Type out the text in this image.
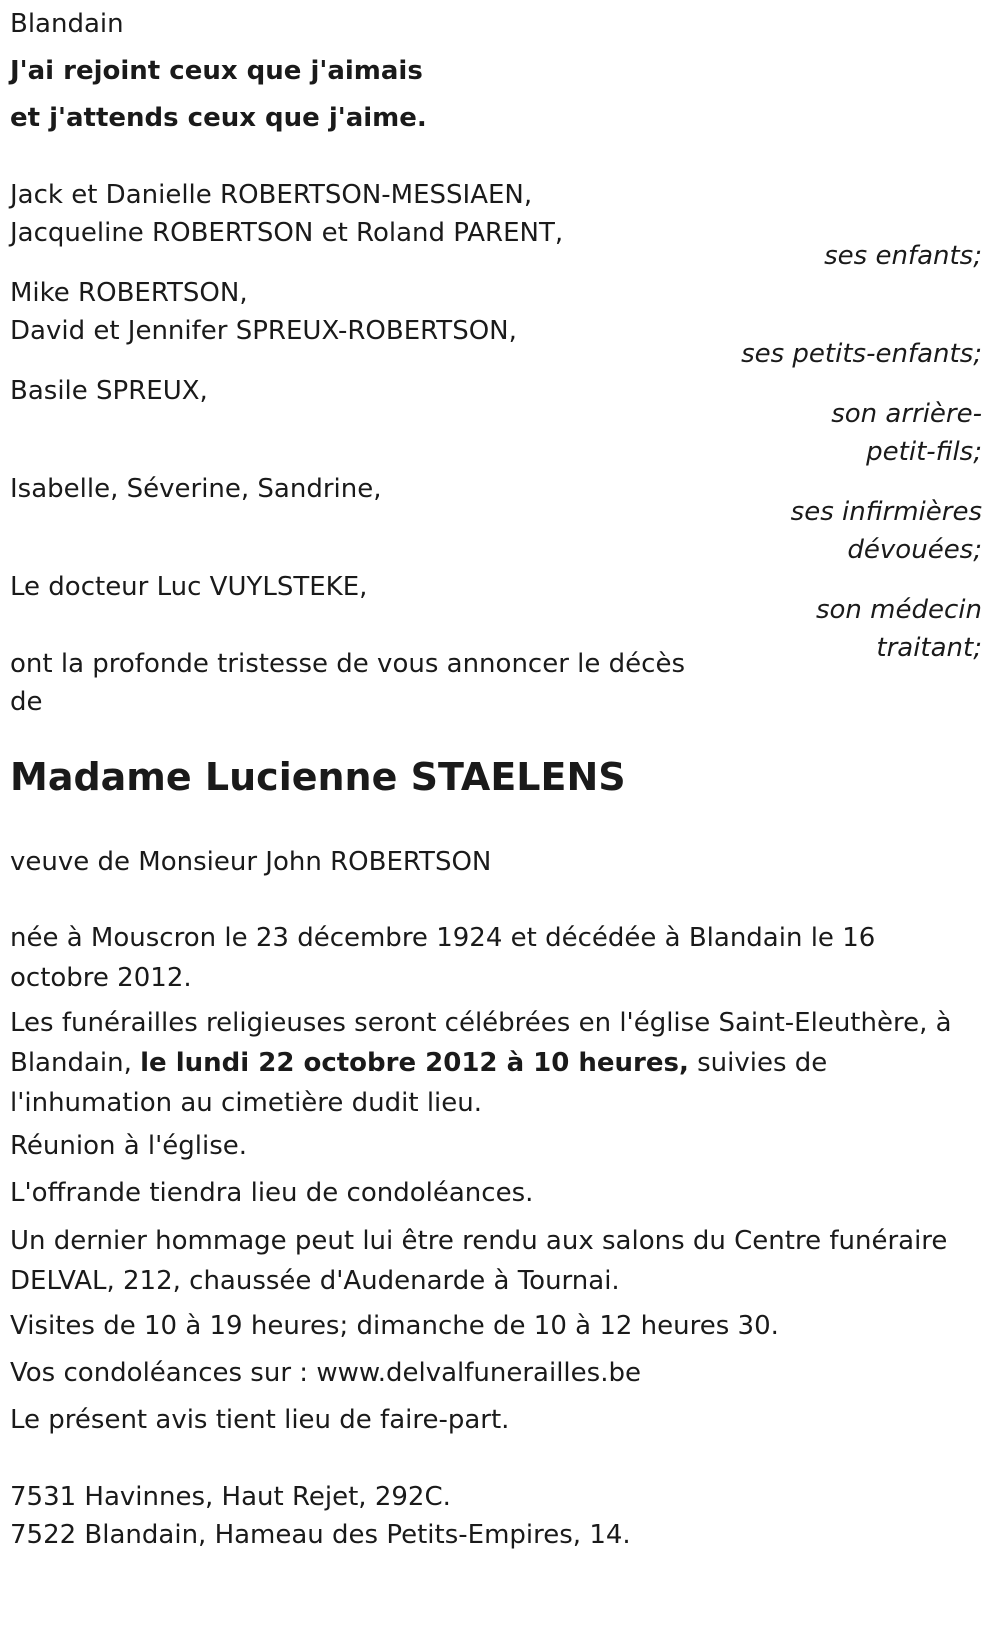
Blandain

J'ai rejoint ceux que j'aimais

et j'attends ceux que j'aime.

Jack et Danielle ROBERTSON-MESSIAEN,

Jacqueline ROBERTSON et Roland PARENT,

ses enfants;

Mike ROBERTSON,

David et Jennifer SPREUX-ROBERTSON,

ses petits-enfants;

Basile SPREUX,

son arrière-
petit-fils;

Isabelle, Séverine, Sandrine,

ses infirmières
dévouées;

Le docteur Luc VUYLSTEKE,

son médecin
traitant;

ont la profonde tristesse de vous annoncer le décès

de

Madame Lucienne STAELENS

veuve de Monsieur John ROBERTSON

née à Mouscron le 23 décembre 1924 et décédée à Blandain le 16 octobre 2012.

Les funérailles religieuses seront célébrées en l'église Saint-Eleuthère, à Blandain, le lundi 22 octobre 2012 à 10 heures, suivies de l'inhumation au cimetière dudit lieu.

Réunion à l'église.

L'offrande tiendra lieu de condoléances.

Un dernier hommage peut lui être rendu aux salons du Centre funéraire DELVAL, 212, chaussée d'Audenarde à Tournai.

Visites de 10 à 19 heures; dimanche de 10 à 12 heures 30.

Vos condoléances sur : www.delvalfunerailles.be

Le présent avis tient lieu de faire-part.

7531 Havinnes, Haut Rejet, 292C.

7522 Blandain, Hameau des Petits-Empires, 14.
